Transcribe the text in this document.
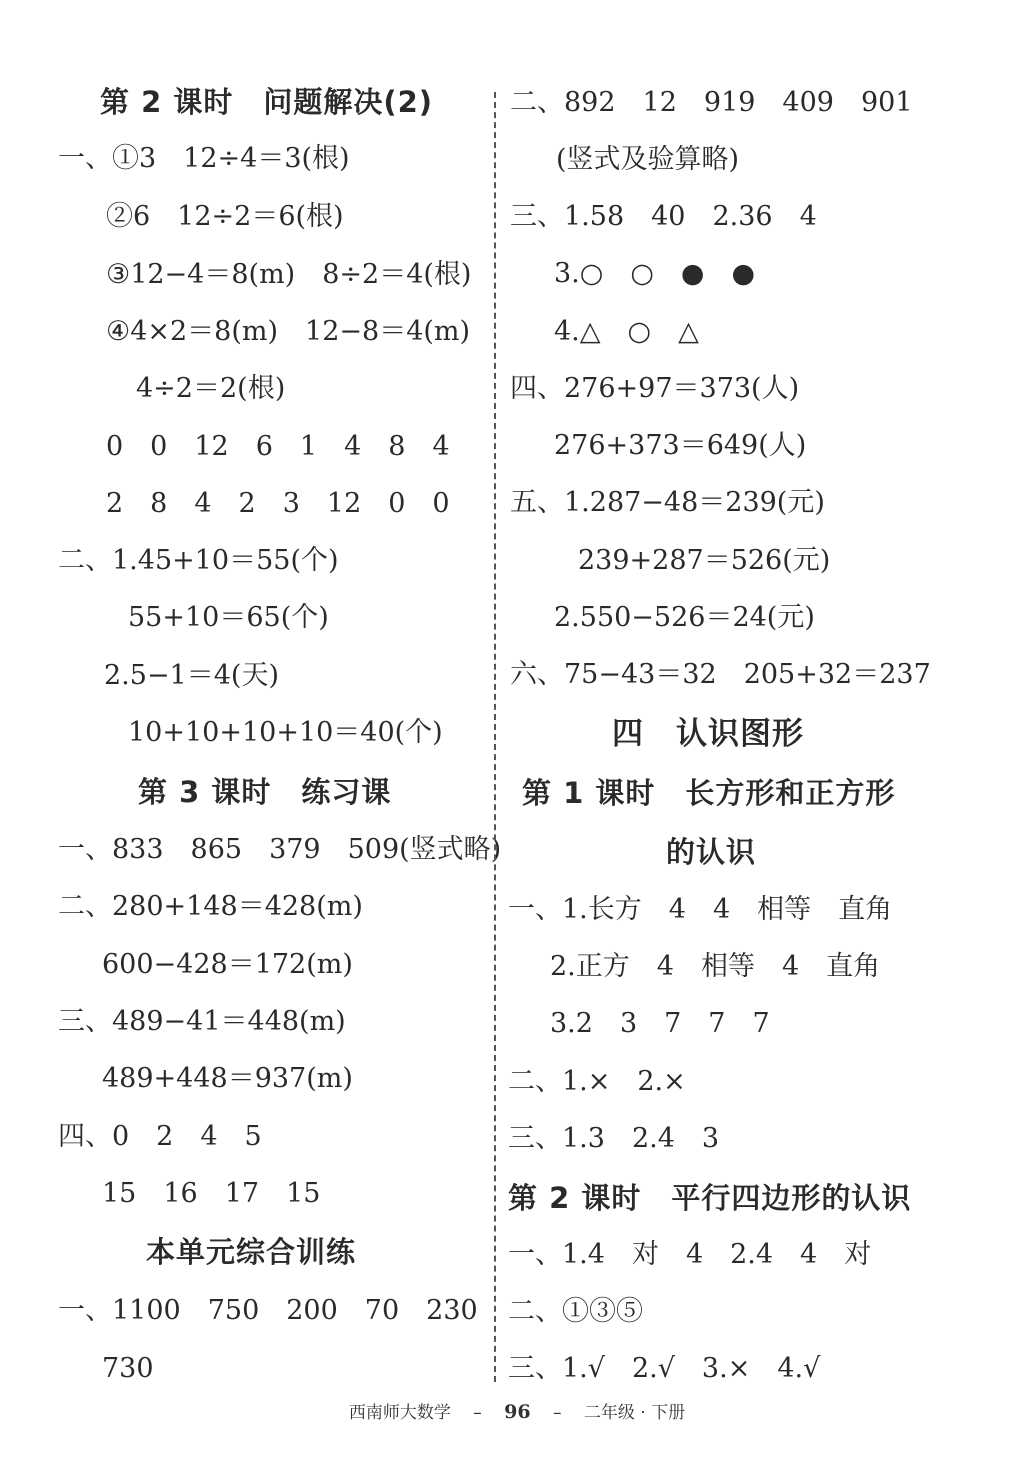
第 2 课时　问题解决(2)
一、①3　12÷4＝3(根)
②6　12÷2＝6(根)
③12−4＝8(m)　8÷2＝4(根)
④4×2＝8(m)　12−8＝4(m)
4÷2＝2(根)
0　0　12　6　1　4　8　4
2　8　4　2　3　12　0　0
二、1.45+10＝55(个)
55+10＝65(个)
2.5−1＝4(天)
10+10+10+10＝40(个)
第 3 课时　练习课
一、833　865　379　509(竖式略)
二、280+148＝428(m)
600−428＝172(m)
三、489−41＝448(m)
489+448＝937(m)
四、0　2　4　5
15　16　17　15
本单元综合训练
一、1100　750　200　70　230
730
二、892　12　919　409　901
(竖式及验算略)
三、1.58　40　2.36　4
3.○　○　●　●
4.△　○　△
四、276+97＝373(人)
276+373＝649(人)
五、1.287−48＝239(元)
239+287＝526(元)
2.550−526＝24(元)
六、75−43＝32　205+32＝237
四　认识图形
第 1 课时　长方形和正方形
的认识
一、1.长方　4　4　相等　直角
2.正方　4　相等　4　直角
3.2　3　7　7　7
二、1.×　2.×
三、1.3　2.4　3
第 2 课时　平行四边形的认识
一、1.4　对　4　2.4　4　对
二、①③⑤
三、1.√　2.√　3.×　4.√
西南师大数学 　–　 96 　–　 二年级 · 下册
